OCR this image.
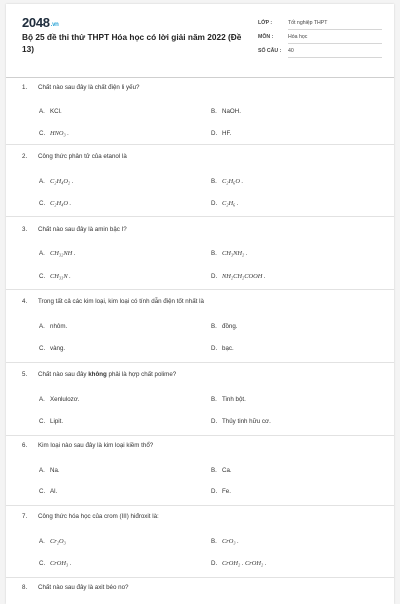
2048.vn
Bộ 25 đề thi thử THPT Hóa học có lời giải năm 2022 (Đề 13)
LỚP :	Tốt nghiệp THPT
MÔN :	Hóa học
SỐ CÂU : 40
1. Chất nào sau đây là chất điện li yếu?
A. KCl.	B. NaOH.
C. HNO₃ .	D. HF.
2. Công thức phân tử của etanol là
A. C₂H₄O₂ .	B. C₂H₆O .
C. C₂H₄O .	D. C₂H₆ .
3. Chất nào sau đây là amin bậc I?
A. CH₃₂NH .	B. CH₃NH₂ .
C. CH₃₃N .	D. NH₂CH₂COOH .
4. Trong tất cả các kim loại, kim loại có tính dẫn điện tốt nhất là
A. nhôm.	B. đồng.
C. vàng.	D. bạc.
5. Chất nào sau đây không phải là hợp chất polime?
A. Xenlulozơ.	B. Tinh bột.
C. Lipit.	D. Thủy tinh hữu cơ.
6. Kim loại nào sau đây là kim loại kiềm thổ?
A. Na.	B. Ca.
C. Al.	D. Fe.
7. Công thức hóa học của crom (III) hiđroxit là:
A. Cr₂O₃	B. CrO₃ .
C. CrOH₃ .	D. CrOH₂ . CrOH₂ .
8. Chất nào sau đây là axit béo no?
